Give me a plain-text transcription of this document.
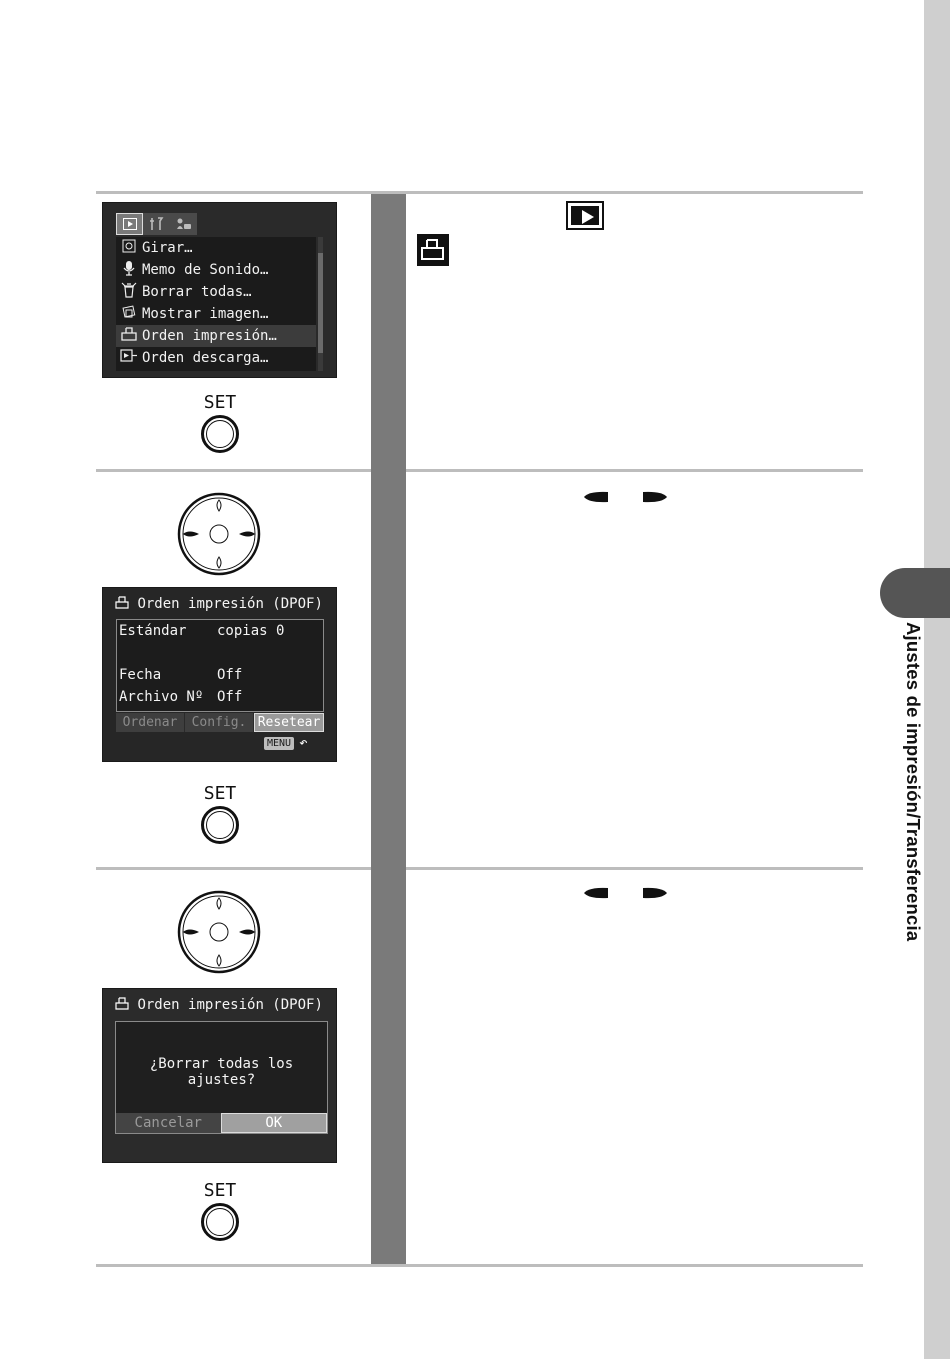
Ajustes de impresión/Transferencia
Girar…
Memo de Sonido…
Borrar todas…
Mostrar imagen…
Orden impresión…
Orden descarga…
SET
Orden impresión (DPOF)
Estándar copias 0
Fecha	Off
Archivo Nº Off
Ordenar	Config. Resetear
MENU ↶
SET
Orden impresión (DPOF)
¿Borrar todas los ajustes?
Cancelar	OK
SET
